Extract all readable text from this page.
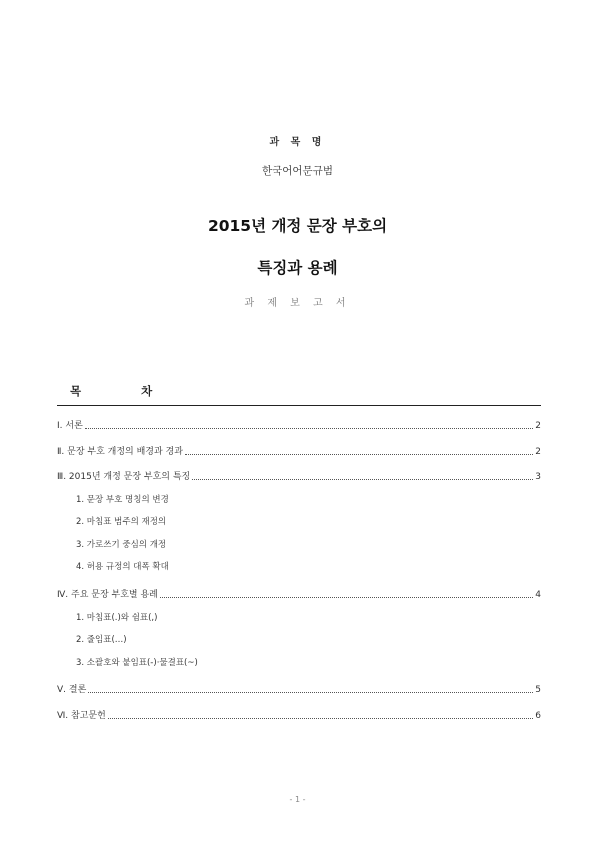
과 목 명
한국어어문규범
2015년 개정 문장 부호의
특징과 용례
과 제 보 고 서
목 차
Ⅰ. 서론	2
Ⅱ. 문장 부호 개정의 배경과 경과	2
Ⅲ. 2015년 개정 문장 부호의 특징	3
1. 문장 부호 명칭의 변경
2. 마침표 범주의 재정의
3. 가로쓰기 중심의 개정
4. 허용 규정의 대폭 확대
Ⅳ. 주요 문장 부호별 용례	4
1. 마침표(.)와 쉼표(,)
2. 줄임표(…)
3. 소괄호와 붙임표(-)·물결표(~)
Ⅴ. 결론	5
Ⅵ. 참고문헌	6
- 1 -
